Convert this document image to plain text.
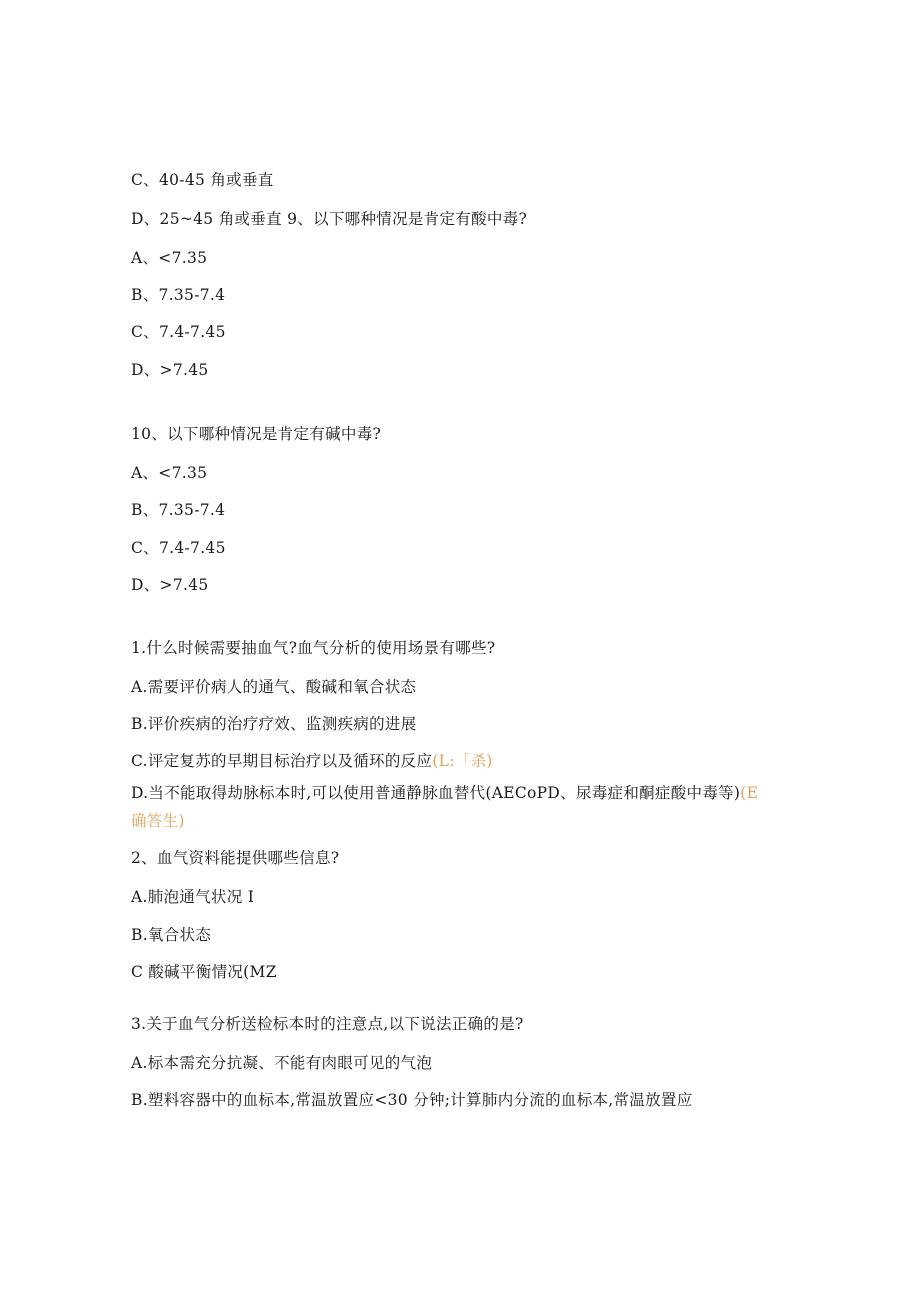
C、40-45 角或垂直
D、25~45 角或垂直 9、以下哪种情况是肯定有酸中毒?
A、<7.35
B、7.35-7.4
C、7.4-7.45
D、>7.45
10、以下哪种情况是肯定有碱中毒?
A、<7.35
B、7.35-7.4
C、7.4-7.45
D、>7.45
1.什么时候需要抽血气?血气分析的使用场景有哪些?
A.需要评价病人的通气、酸碱和氧合状态
B.评价疾病的治疗疗效、监测疾病的进展
C.评定复苏的早期目标治疗以及循环的反应(L:「杀)
D.当不能取得劫脉标本时,可以使用普通静脉血替代(AECoPD、尿毒症和酮症酸中毒等)(E 确答生)
2、血气资料能提供哪些信息?
A.肺泡通气状况 I
B.氧合状态
C 酸碱平衡情况(MZ
3.关于血气分析送检标本时的注意点,以下说法正确的是?
A.标本需充分抗凝、不能有肉眼可见的气泡
B.塑料容器中的血标本,常温放置应<30 分钟;计算肺内分流的血标本,常温放置应
